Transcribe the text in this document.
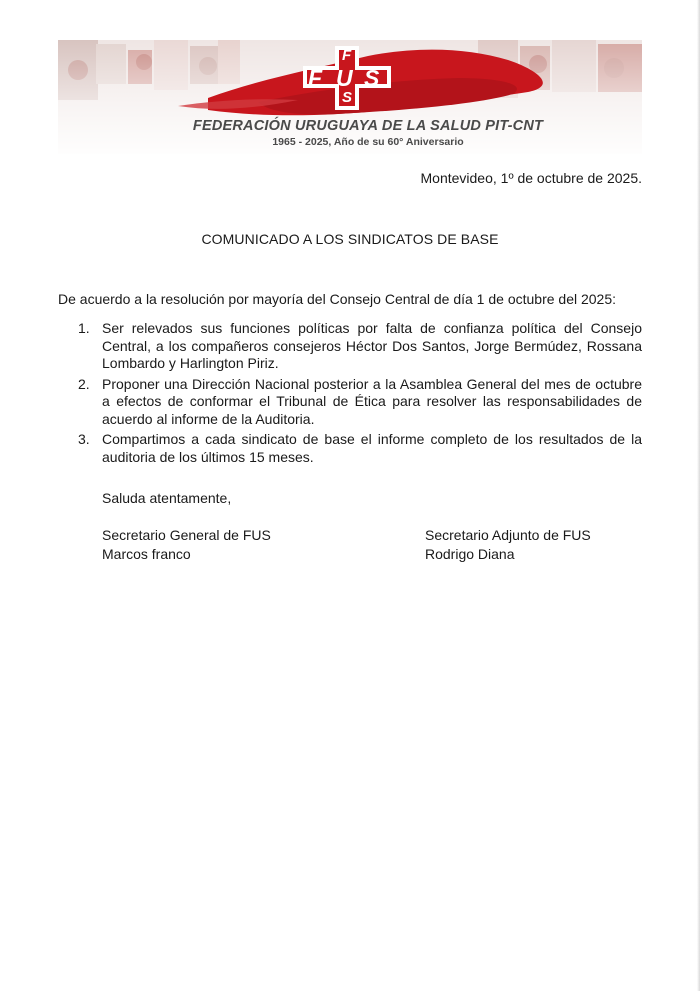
F
F U S
S
FEDERACIÓN URUGUAYA DE LA SALUD PIT-CNT
1965 - 2025, Año de su 60° Aniversario
Montevideo, 1º de octubre de 2025.
COMUNICADO A LOS SINDICATOS DE BASE
De acuerdo a la resolución por mayoría del Consejo Central de día 1 de octubre del 2025:
1. Ser relevados sus funciones políticas por falta de confianza política del Consejo Central, a los compañeros consejeros Héctor Dos Santos, Jorge Bermúdez, Rossana Lombardo y Harlington Piriz.
2. Proponer una Dirección Nacional posterior a la Asamblea General del mes de octubre a efectos de conformar el Tribunal de Ética para resolver las responsabilidades de acuerdo al informe de la Auditoria.
3. Compartimos a cada sindicato de base el informe completo de los resultados de la auditoria de los últimos 15 meses.
Saluda atentamente,
Secretario General de FUS
Marcos franco
Secretario Adjunto de FUS
Rodrigo Diana
